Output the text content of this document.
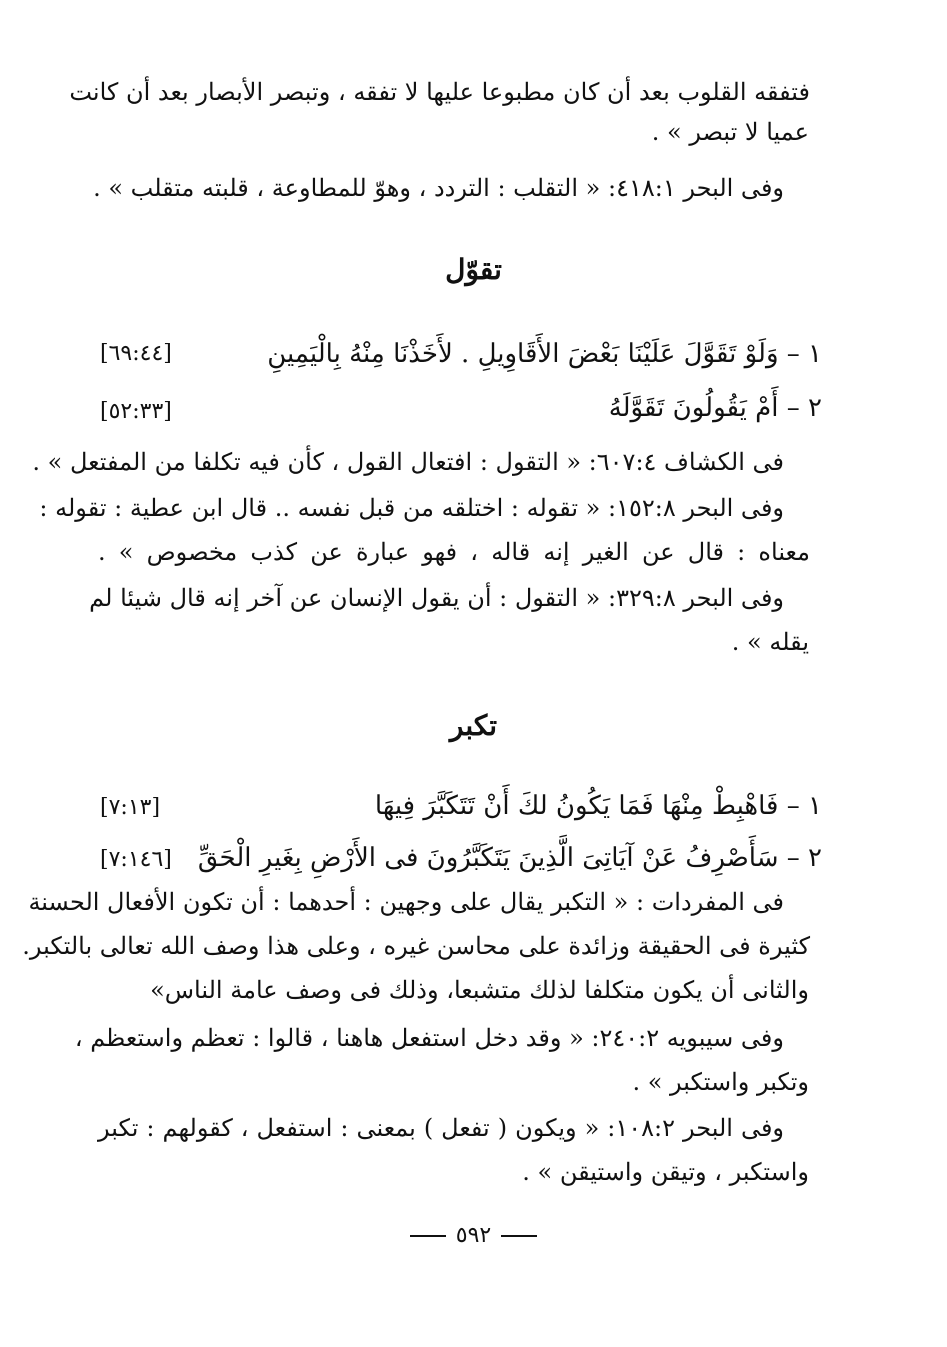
فتفقه القلوب بعد أن كان مطبوعا عليها لا تفقه ، وتبصر الأبصار بعد أن كانت

عميا لا تبصر » .

وفى البحر ٤١٨:١: « التقلب : التردد ، وهوّ للمطاوعة ، قلبته متقلب » .

تقوّل

١ – وَلَوْ تَقَوَّلَ عَلَيْنَا بَعْضَ الأَقَاوِيلِ . لأَخَذْنَا مِنْهُ بِالْيَمِينِ

[٦٩:٤٤]

٢ – أَمْ يَقُولُونَ تَقَوَّلَهُ

[٥٢:٣٣]

فى الكشاف ٦٠٧:٤: « التقول : افتعال القول ، كأن فيه تكلفا من المفتعل » .

وفى البحر ١٥٢:٨: « تقوله : اختلقه من قبل نفسه .. قال ابن عطية : تقوله :

معناه : قال عن الغير إنه قاله ، فهو عبارة عن كذب مخصوص » .

وفى البحر ٣٢٩:٨: « التقول : أن يقول الإنسان عن آخر إنه قال شيئا لم

يقله » .

تكبر

١ – فَاهْبِطْ مِنْهَا فَمَا يَكُونُ لكَ أَنْ تَتَكَبَّرَ فِيهَا

[٧:١٣]

٢ – سَأَصْرِفُ عَنْ آيَاتِىَ الَّذِينَ يَتَكَبَّرُونَ فى الأَرْضِ بِغَيرِ الْحَقِّ

[٧:١٤٦]

فى المفردات : « التكبر يقال على وجهين : أحدهما : أن تكون الأفعال الحسنة

كثيرة فى الحقيقة وزائدة على محاسن غيره ، وعلى هذا وصف الله تعالى بالتكبر.

والثانى أن يكون متكلفا لذلك متشبعا، وذلك فى وصف عامة الناس»

وفى سيبويه ٢٤٠:٢: « وقد دخل استفعل هاهنا ، قالوا : تعظم واستعظم ،

وتكبر واستكبر » .

وفى البحر ١٠٨:٢: « ويكون ( تفعل ) بمعنى : استفعل ، كقولهم : تكبر

واستكبر ، وتيقن واستيقن » .

٥٩٢
